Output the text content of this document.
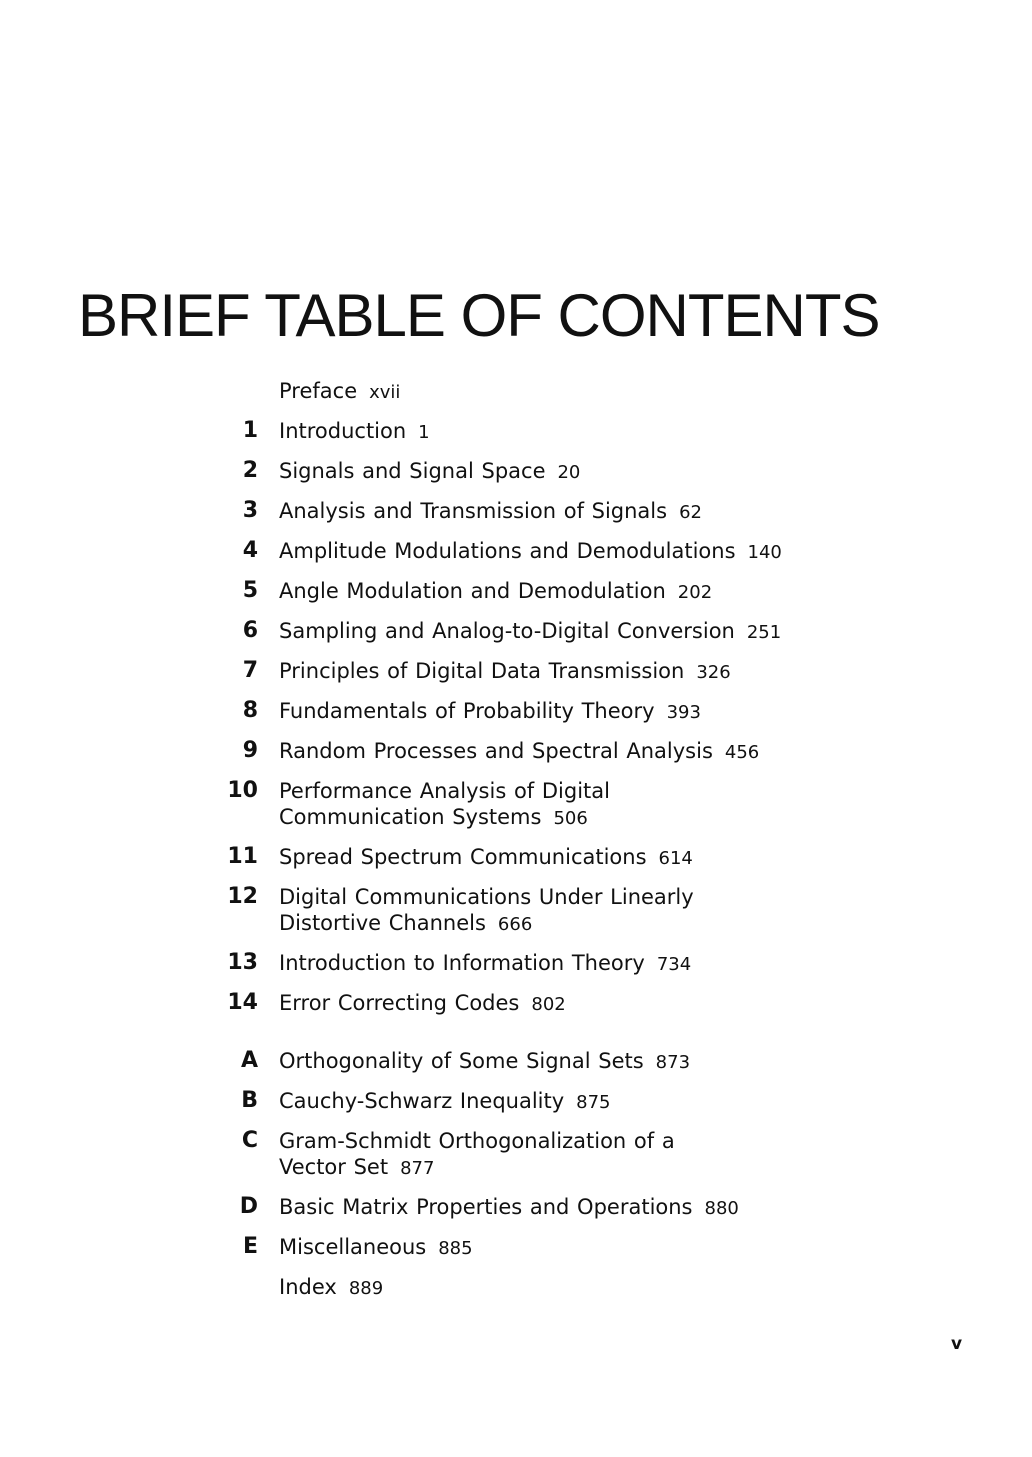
BRIEF TABLE OF CONTENTS
Preface xvii
1 Introduction 1
2 Signals and Signal Space 20
3 Analysis and Transmission of Signals 62
4 Amplitude Modulations and Demodulations 140
5 Angle Modulation and Demodulation 202
6 Sampling and Analog-to-Digital Conversion 251
7 Principles of Digital Data Transmission 326
8 Fundamentals of Probability Theory 393
9 Random Processes and Spectral Analysis 456
10 Performance Analysis of Digital Communication Systems 506
11 Spread Spectrum Communications 614
12 Digital Communications Under Linearly Distortive Channels 666
13 Introduction to Information Theory 734
14 Error Correcting Codes 802
A Orthogonality of Some Signal Sets 873
B Cauchy-Schwarz Inequality 875
C Gram-Schmidt Orthogonalization of a Vector Set 877
D Basic Matrix Properties and Operations 880
E Miscellaneous 885
Index 889
v
